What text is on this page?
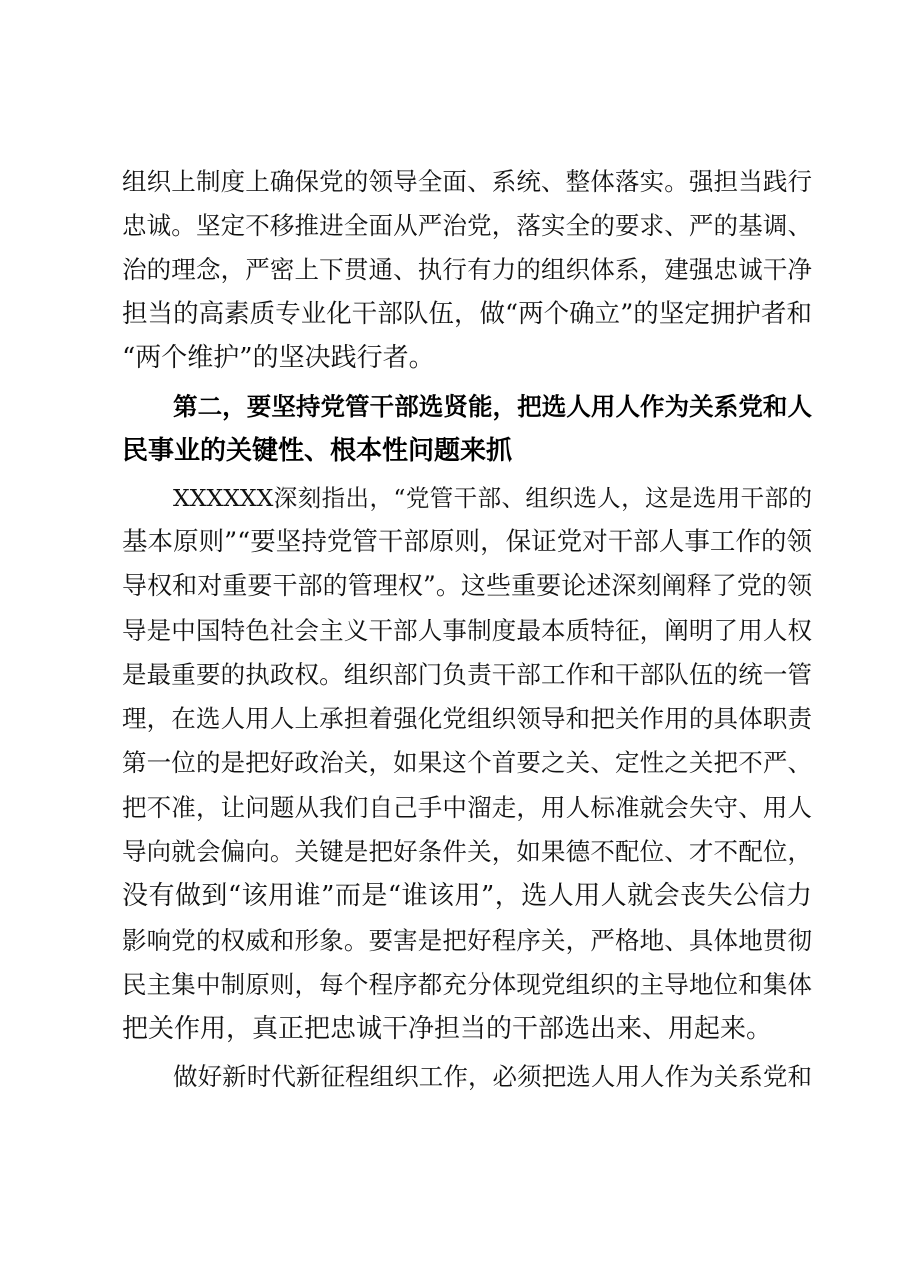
组织上制度上确保党的领导全面、系统、整体落实。强担当践行
忠诚。坚定不移推进全面从严治党，落实全的要求、严的基调、
治的理念，严密上下贯通、执行有力的组织体系，建强忠诚干净
担当的高素质专业化干部队伍，做“两个确立”的坚定拥护者和
“两个维护”的坚决践行者。
第二，要坚持党管干部选贤能，把选人用人作为关系党和人
民事业的关键性、根本性问题来抓
XXXXXX深刻指出，“党管干部、组织选人，这是选用干部的
基本原则”“要坚持党管干部原则，保证党对干部人事工作的领
导权和对重要干部的管理权”。这些重要论述深刻阐释了党的领
导是中国特色社会主义干部人事制度最本质特征，阐明了用人权
是最重要的执政权。组织部门负责干部工作和干部队伍的统一管
理，在选人用人上承担着强化党组织领导和把关作用的具体职责
第一位的是把好政治关，如果这个首要之关、定性之关把不严、
把不准，让问题从我们自己手中溜走，用人标准就会失守、用人
导向就会偏向。关键是把好条件关，如果德不配位、才不配位，
没有做到“该用谁”而是“谁该用”，选人用人就会丧失公信力
影响党的权威和形象。要害是把好程序关，严格地、具体地贯彻
民主集中制原则，每个程序都充分体现党组织的主导地位和集体
把关作用，真正把忠诚干净担当的干部选出来、用起来。
做好新时代新征程组织工作，必须把选人用人作为关系党和
